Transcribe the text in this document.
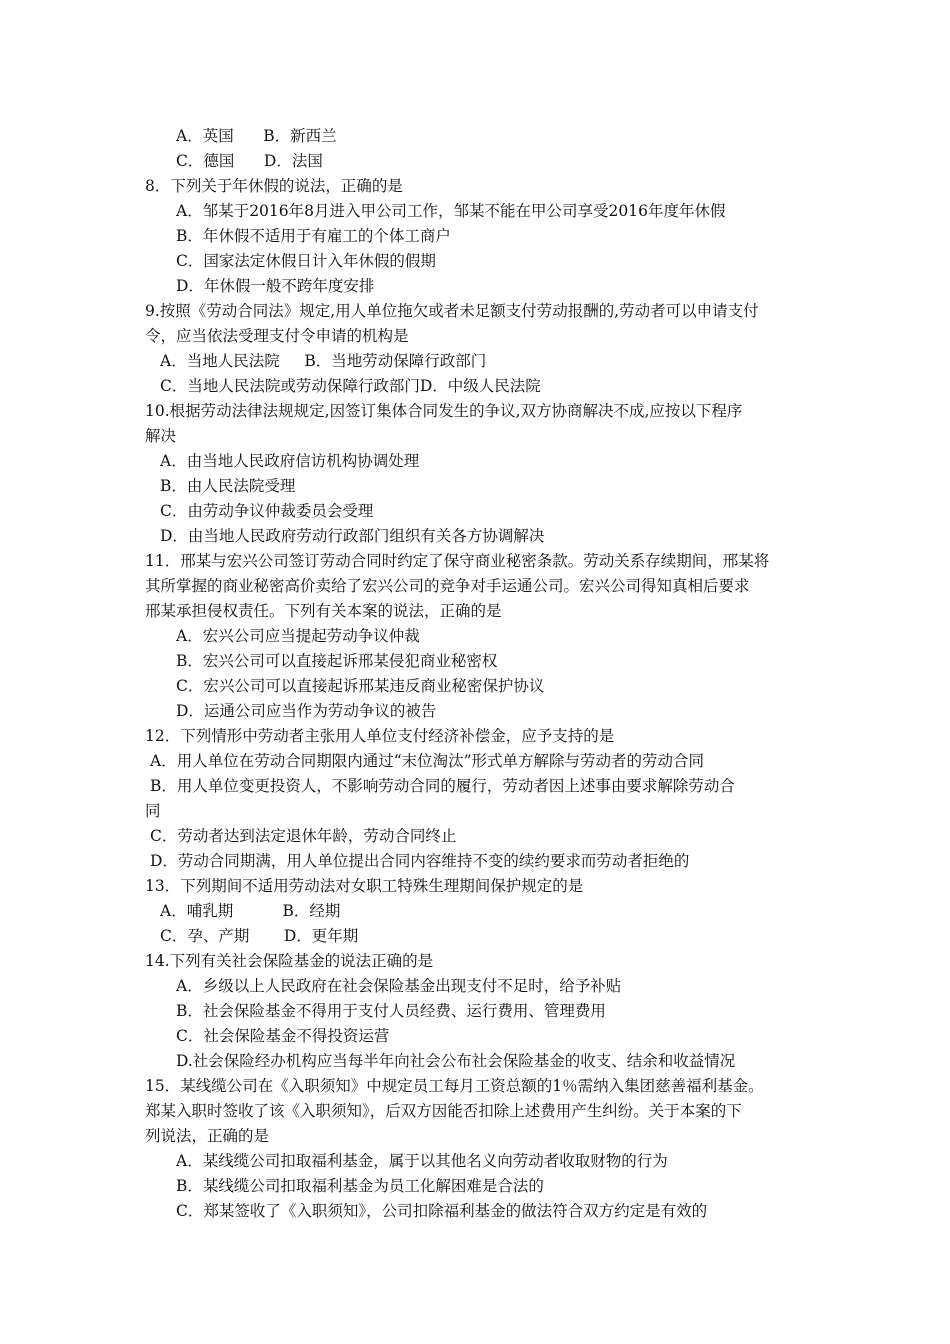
A．英国      B．新西兰
C．德国      D．法国
8．下列关于年休假的说法，正确的是
A．邹某于2016年8月进入甲公司工作，邹某不能在甲公司享受2016年度年休假
B．年休假不适用于有雇工的个体工商户
C．国家法定休假日计入年休假的假期
D．年休假一般不跨年度安排
9.按照《劳动合同法》规定,用人单位拖欠或者未足额支付劳动报酬的,劳动者可以申请支付
令，应当依法受理支付令申请的机构是
A．当地人民法院     B．当地劳动保障行政部门
C．当地人民法院或劳动保障行政部门D．中级人民法院
10.根据劳动法律法规规定,因签订集体合同发生的争议,双方协商解决不成,应按以下程序
解决
A．由当地人民政府信访机构协调处理
B．由人民法院受理
C．由劳动争议仲裁委员会受理
D．由当地人民政府劳动行政部门组织有关各方协调解决
11．邢某与宏兴公司签订劳动合同时约定了保守商业秘密条款。劳动关系存续期间，邢某将
其所掌握的商业秘密高价卖给了宏兴公司的竞争对手运通公司。宏兴公司得知真相后要求
邢某承担侵权责任。下列有关本案的说法，正确的是
A．宏兴公司应当提起劳动争议仲裁
B．宏兴公司可以直接起诉邢某侵犯商业秘密权
C．宏兴公司可以直接起诉邢某违反商业秘密保护协议
D．运通公司应当作为劳动争议的被告
12．下列情形中劳动者主张用人单位支付经济补偿金，应予支持的是
A．用人单位在劳动合同期限内通过“末位淘汰”形式单方解除与劳动者的劳动合同
B．用人单位变更投资人，不影响劳动合同的履行，劳动者因上述事由要求解除劳动合
同
C．劳动者达到法定退休年龄，劳动合同终止
D．劳动合同期满，用人单位提出合同内容维持不变的续约要求而劳动者拒绝的
13．下列期间不适用劳动法对女职工特殊生理期间保护规定的是
A．哺乳期          B．经期
C．孕、产期       D．更年期
14.下列有关社会保险基金的说法正确的是
A．乡级以上人民政府在社会保险基金出现支付不足时，给予补贴
B．社会保险基金不得用于支付人员经费、运行费用、管理费用
C．社会保险基金不得投资运营
D.社会保险经办机构应当每半年向社会公布社会保险基金的收支、结余和收益情况
15．某线缆公司在《入职须知》中规定员工每月工资总额的1％需纳入集团慈善福利基金。
郑某入职时签收了该《入职须知》，后双方因能否扣除上述费用产生纠纷。关于本案的下
列说法，正确的是
A．某线缆公司扣取福利基金，属于以其他名义向劳动者收取财物的行为
B．某线缆公司扣取福利基金为员工化解困难是合法的
C．郑某签收了《入职须知》，公司扣除福利基金的做法符合双方约定是有效的
